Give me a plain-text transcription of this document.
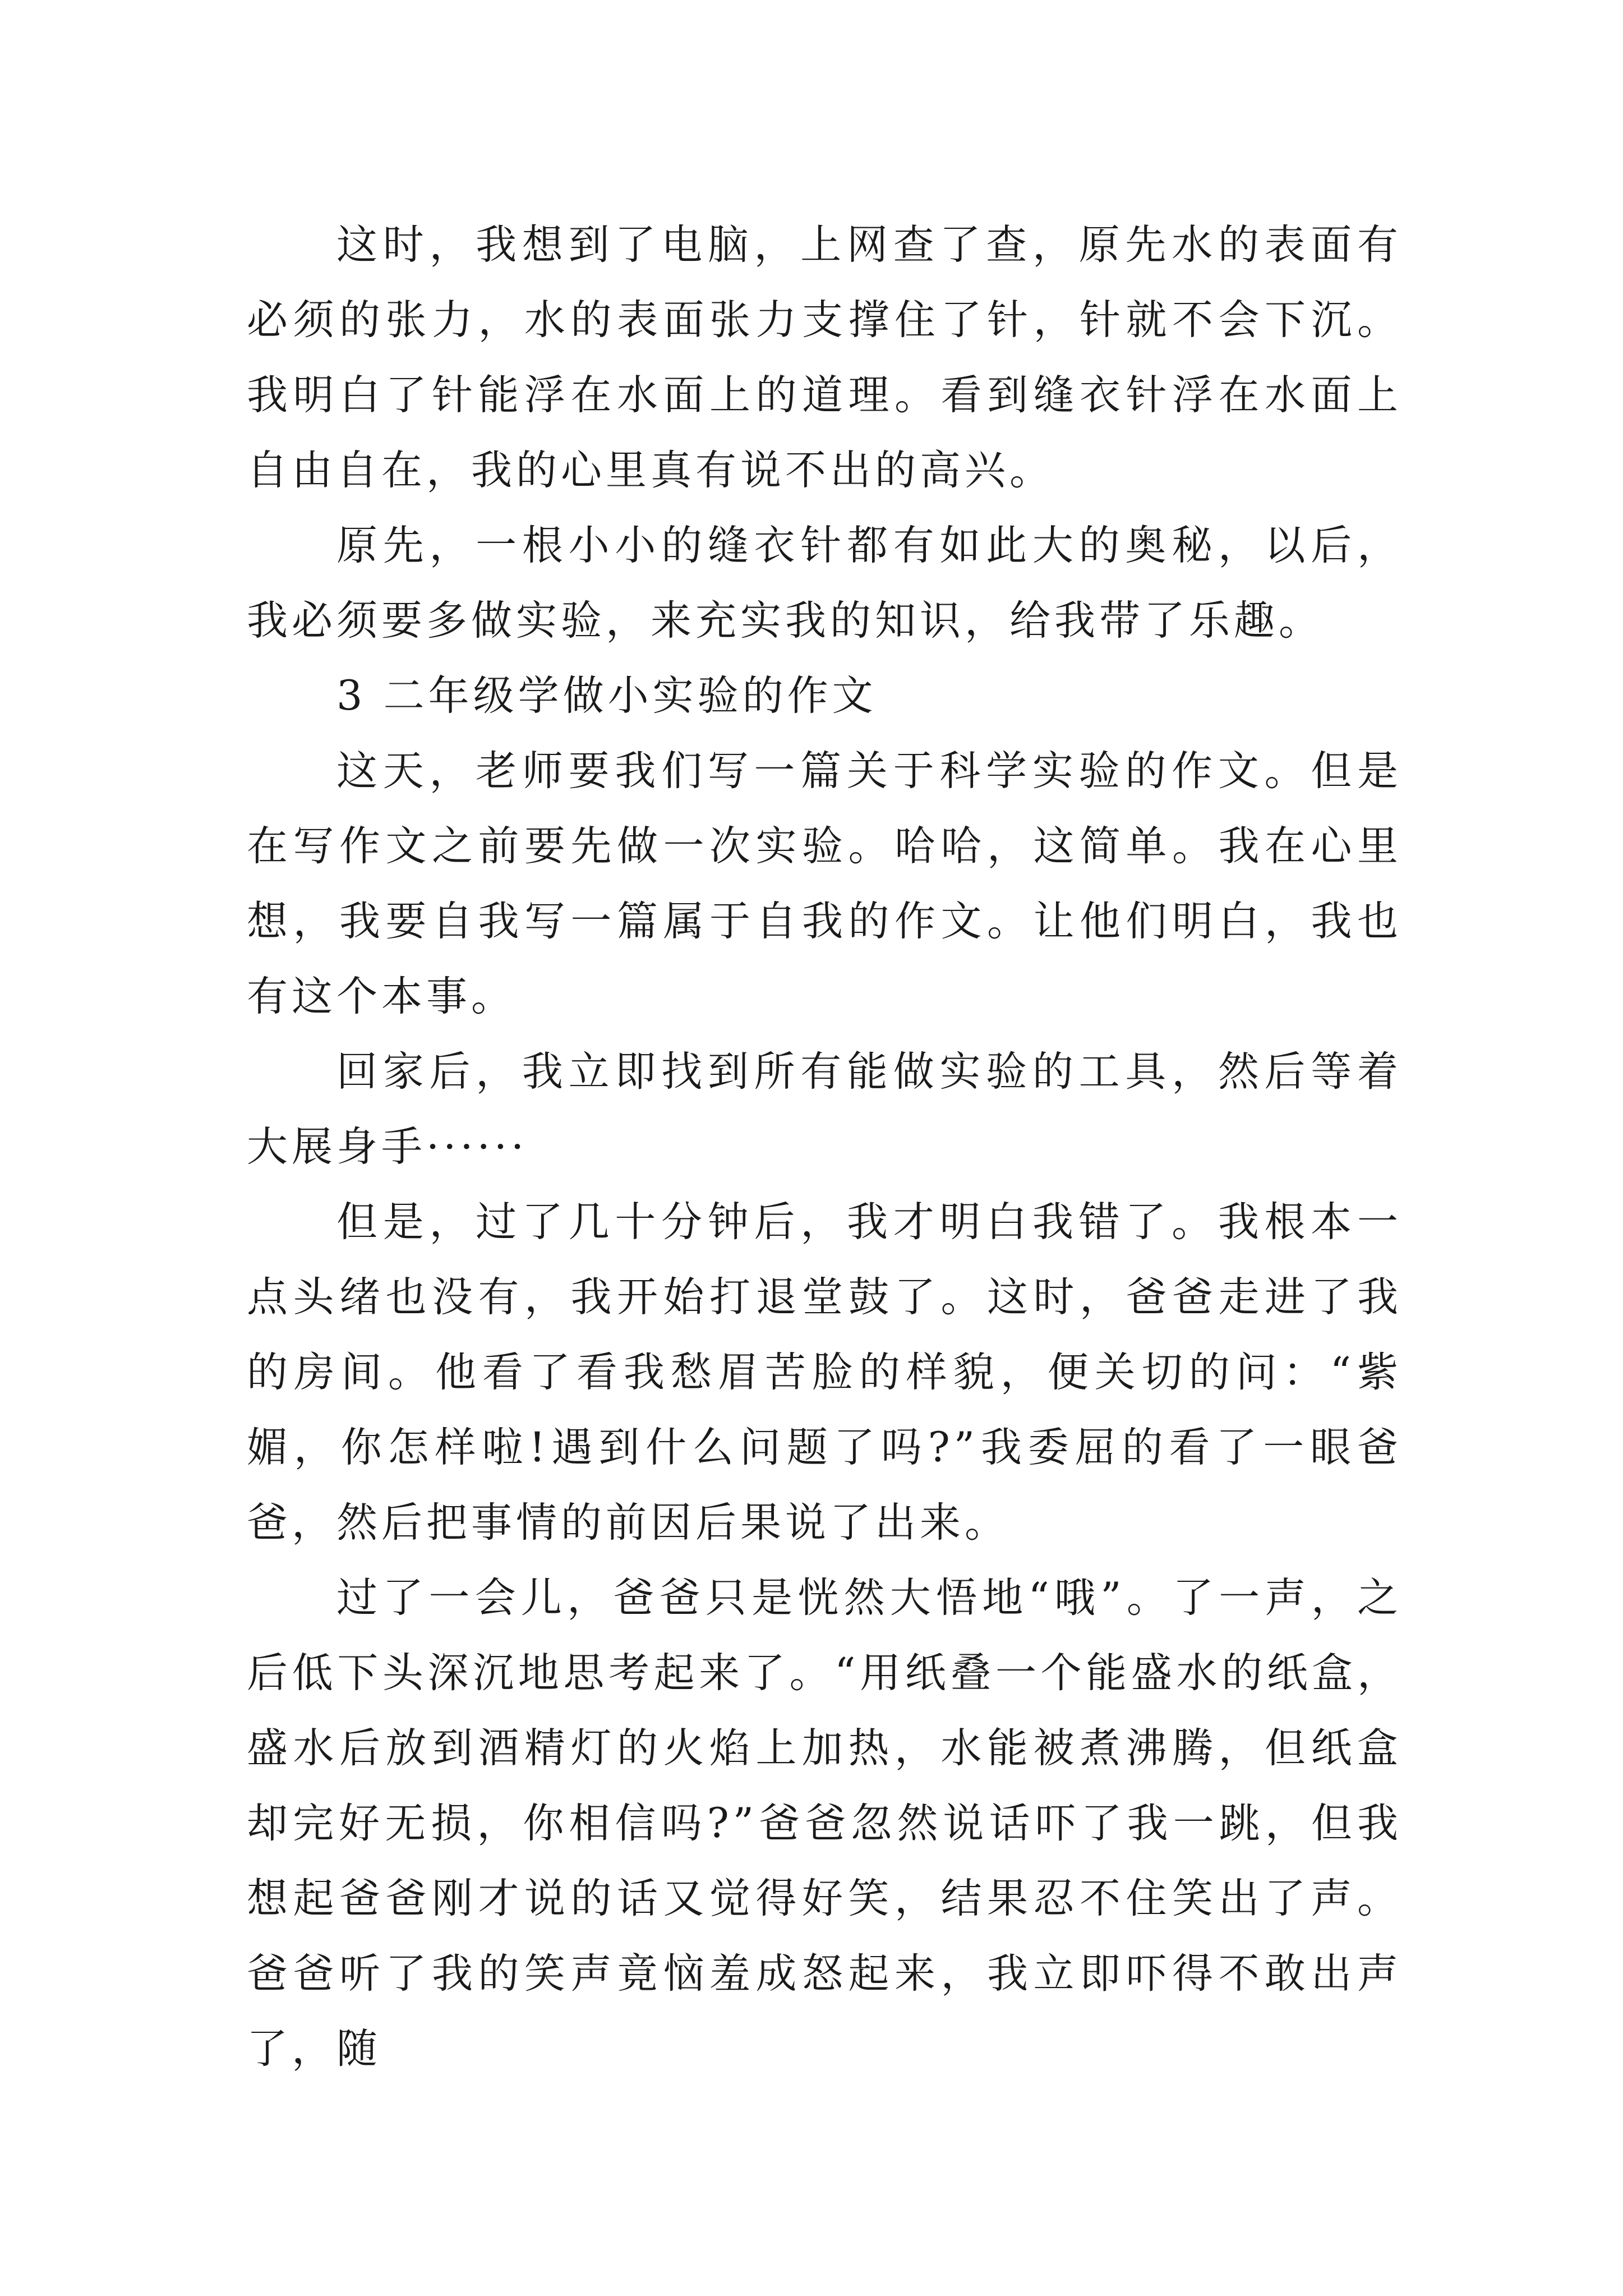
这时，我想到了电脑，上网查了查，原先水的表面有必须的张力，水的表面张力支撑住了针，针就不会下沉。我明白了针能浮在水面上的道理。看到缝衣针浮在水面上自由自在，我的心里真有说不出的高兴。

原先，一根小小的缝衣针都有如此大的奥秘，以后，我必须要多做实验，来充实我的知识，给我带了乐趣。

3 二年级学做小实验的作文

这天，老师要我们写一篇关于科学实验的作文。但是在写作文之前要先做一次实验。哈哈，这简单。我在心里想，我要自我写一篇属于自我的作文。让他们明白，我也有这个本事。

回家后，我立即找到所有能做实验的工具，然后等着大展身手······

但是，过了几十分钟后，我才明白我错了。我根本一点头绪也没有，我开始打退堂鼓了。这时，爸爸走进了我的房间。他看了看我愁眉苦脸的样貌，便关切的问：“紫媚，你怎样啦!遇到什么问题了吗?”我委屈的看了一眼爸爸，然后把事情的前因后果说了出来。

过了一会儿，爸爸只是恍然大悟地“哦”。了一声，之后低下头深沉地思考起来了。“用纸叠一个能盛水的纸盒，盛水后放到酒精灯的火焰上加热，水能被煮沸腾，但纸盒却完好无损，你相信吗?”爸爸忽然说话吓了我一跳，但我想起爸爸刚才说的话又觉得好笑，结果忍不住笑出了声。爸爸听了我的笑声竟恼羞成怒起来，我立即吓得不敢出声了，随
